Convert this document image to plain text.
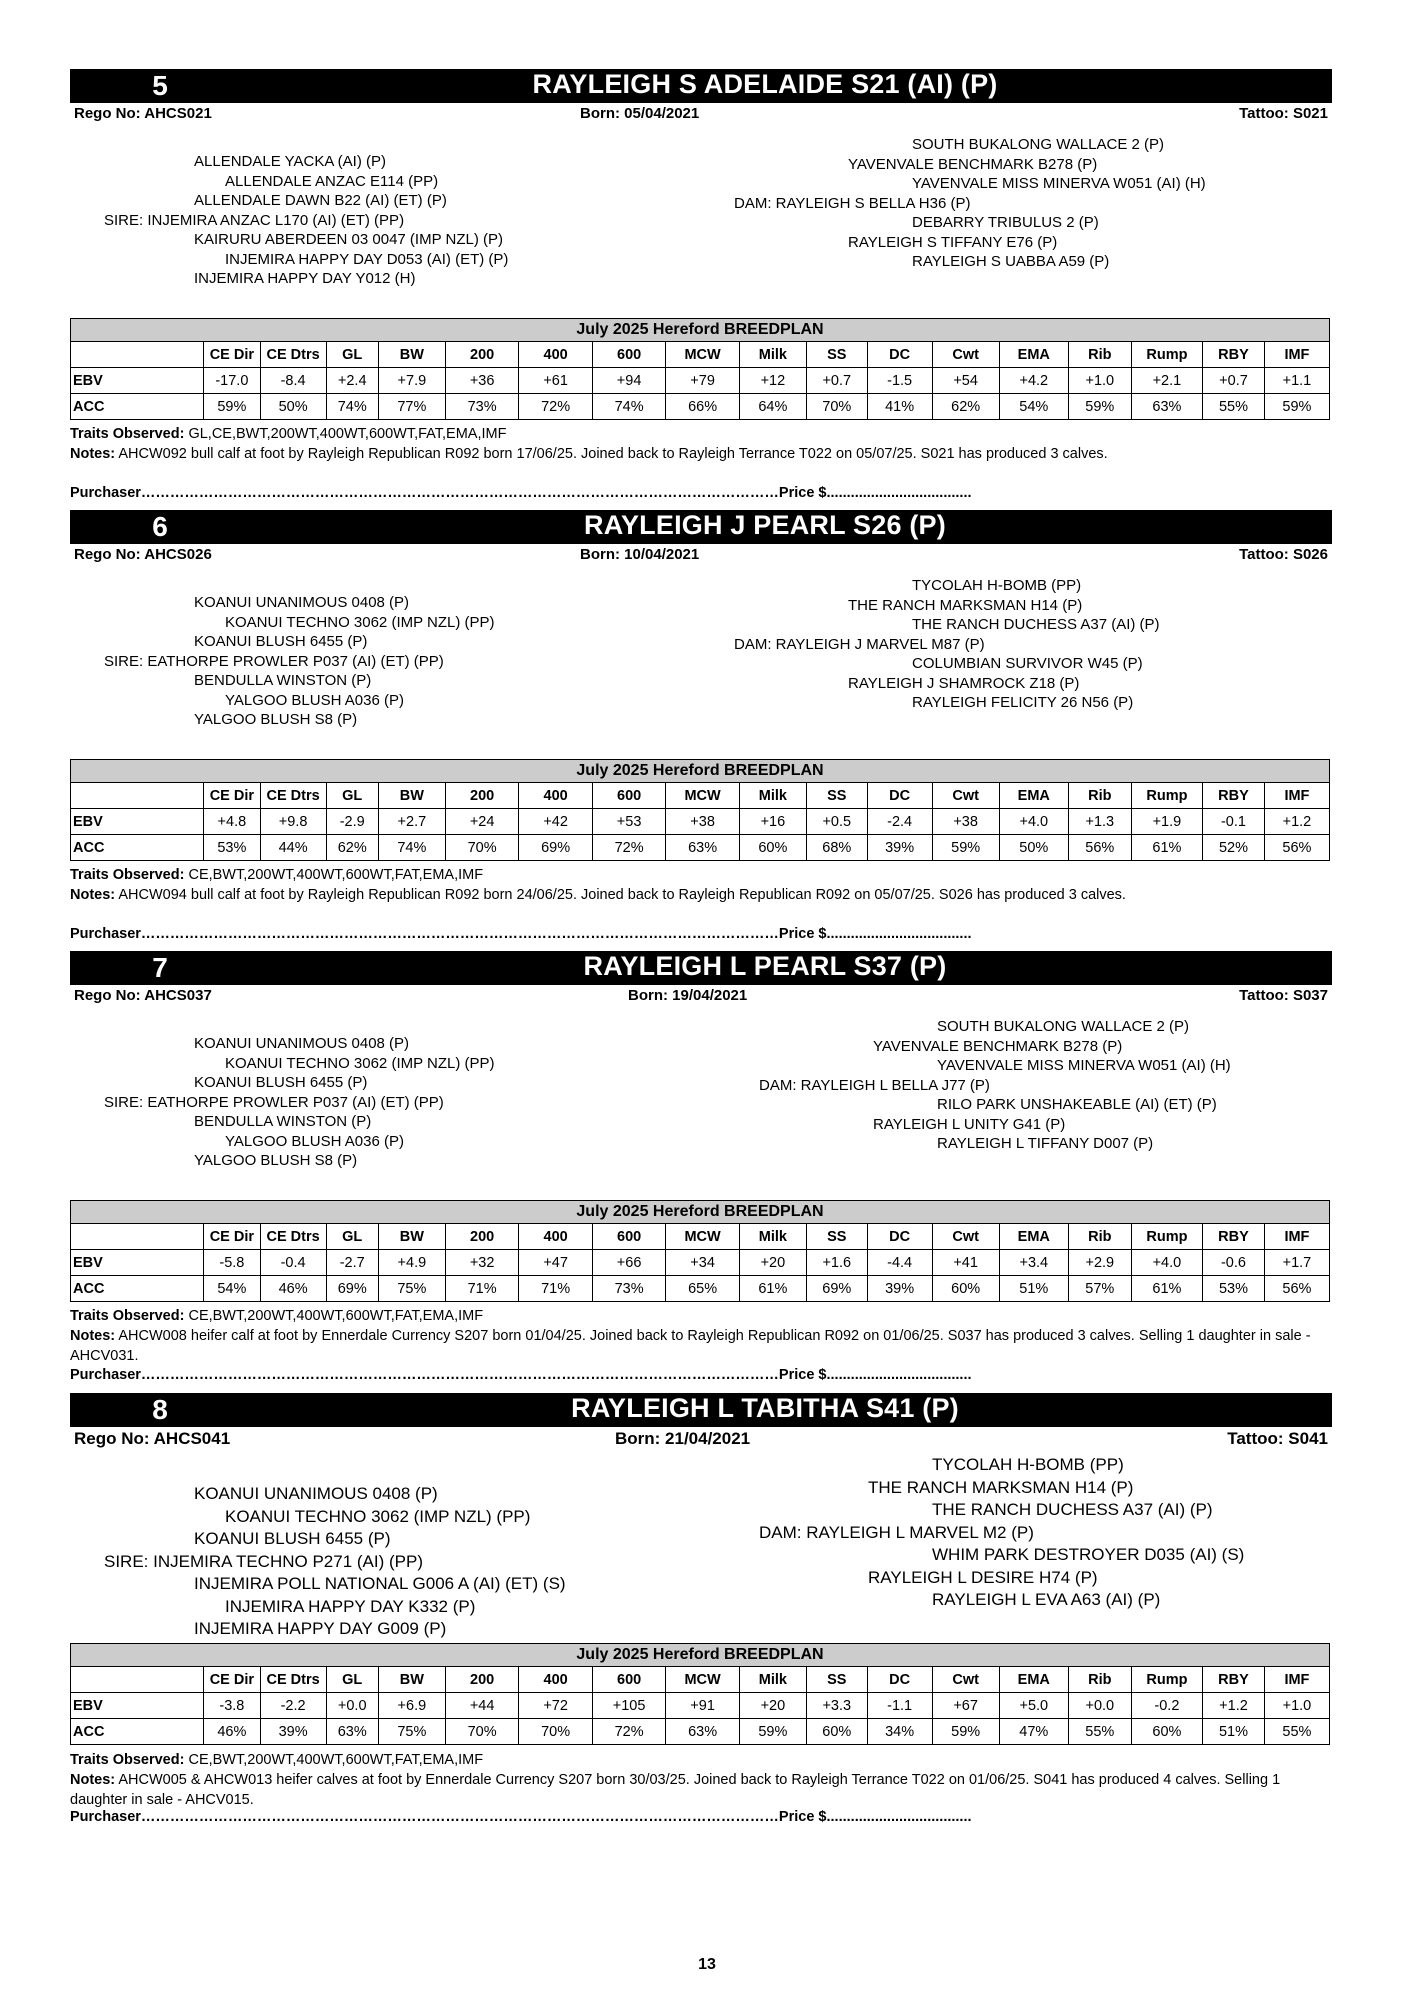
5	RAYLEIGH S ADELAIDE S21 (AI) (P)
Rego No: AHCS021	Born: 05/04/2021	Tattoo: S021
ALLENDALE YACKA (AI) (P)
ALLENDALE ANZAC E114 (PP)
ALLENDALE DAWN B22 (AI) (ET) (P)
SIRE: INJEMIRA ANZAC L170 (AI) (ET) (PP)
KAIRURU ABERDEEN 03 0047 (IMP NZL) (P)
INJEMIRA HAPPY DAY D053 (AI) (ET) (P)
INJEMIRA HAPPY DAY Y012 (H)
SOUTH BUKALONG WALLACE 2 (P)
YAVENVALE BENCHMARK B278 (P)
YAVENVALE MISS MINERVA W051 (AI) (H)
DAM: RAYLEIGH S BELLA H36 (P)
DEBARRY TRIBULUS 2 (P)
RAYLEIGH S TIFFANY E76 (P)
RAYLEIGH S UABBA A59 (P)
July 2025 Hereford BREEDPLAN																	
	CE Dir	CE Dtrs	GL	BW	200	400	600	MCW	Milk	SS	DC	Cwt	EMA	Rib	Rump	RBY	IMF
EBV	-17.0	-8.4	+2.4	+7.9	+36	+61	+94	+79	+12	+0.7	-1.5	+54	+4.2	+1.0	+2.1	+0.7	+1.1
ACC	59%	50%	74%	77%	73%	72%	74%	66%	64%	70%	41%	62%	54%	59%	63%	55%	59%
Traits Observed: GL,CE,BWT,200WT,400WT,600WT,FAT,EMA,IMF
Notes: AHCW092 bull calf at foot by Rayleigh Republican R092 born 17/06/25. Joined back to Rayleigh Terrance T022 on 05/07/25. S021 has produced 3 calves.
Purchaser……………………………………………………………………………………………………………………Price $....................................
6	RAYLEIGH J PEARL S26 (P)
Rego No: AHCS026	Born: 10/04/2021	Tattoo: S026
KOANUI UNANIMOUS 0408 (P)
KOANUI TECHNO 3062 (IMP NZL) (PP)
KOANUI BLUSH 6455 (P)
SIRE: EATHORPE PROWLER P037 (AI) (ET) (PP)
BENDULLA WINSTON (P)
YALGOO BLUSH A036 (P)
YALGOO BLUSH S8 (P)
TYCOLAH H-BOMB (PP)
THE RANCH MARKSMAN H14 (P)
THE RANCH DUCHESS A37 (AI) (P)
DAM: RAYLEIGH J MARVEL M87 (P)
COLUMBIAN SURVIVOR W45 (P)
RAYLEIGH J SHAMROCK Z18 (P)
RAYLEIGH FELICITY 26 N56 (P)
July 2025 Hereford BREEDPLAN																	
	CE Dir	CE Dtrs	GL	BW	200	400	600	MCW	Milk	SS	DC	Cwt	EMA	Rib	Rump	RBY	IMF
EBV	+4.8	+9.8	-2.9	+2.7	+24	+42	+53	+38	+16	+0.5	-2.4	+38	+4.0	+1.3	+1.9	-0.1	+1.2
ACC	53%	44%	62%	74%	70%	69%	72%	63%	60%	68%	39%	59%	50%	56%	61%	52%	56%
Traits Observed: CE,BWT,200WT,400WT,600WT,FAT,EMA,IMF
Notes: AHCW094 bull calf at foot by Rayleigh Republican R092 born 24/06/25. Joined back to Rayleigh Republican R092 on 05/07/25. S026 has produced 3 calves.
Purchaser……………………………………………………………………………………………………………………Price $....................................
7	RAYLEIGH L PEARL S37 (P)
Rego No: AHCS037	Born: 19/04/2021	Tattoo: S037
KOANUI UNANIMOUS 0408 (P)
KOANUI TECHNO 3062 (IMP NZL) (PP)
KOANUI BLUSH 6455 (P)
SIRE: EATHORPE PROWLER P037 (AI) (ET) (PP)
BENDULLA WINSTON (P)
YALGOO BLUSH A036 (P)
YALGOO BLUSH S8 (P)
SOUTH BUKALONG WALLACE 2 (P)
YAVENVALE BENCHMARK B278 (P)
YAVENVALE MISS MINERVA W051 (AI) (H)
DAM: RAYLEIGH L BELLA J77 (P)
RILO PARK UNSHAKEABLE (AI) (ET) (P)
RAYLEIGH L UNITY G41 (P)
RAYLEIGH L TIFFANY D007 (P)
July 2025 Hereford BREEDPLAN																	
	CE Dir	CE Dtrs	GL	BW	200	400	600	MCW	Milk	SS	DC	Cwt	EMA	Rib	Rump	RBY	IMF
EBV	-5.8	-0.4	-2.7	+4.9	+32	+47	+66	+34	+20	+1.6	-4.4	+41	+3.4	+2.9	+4.0	-0.6	+1.7
ACC	54%	46%	69%	75%	71%	71%	73%	65%	61%	69%	39%	60%	51%	57%	61%	53%	56%
Traits Observed: CE,BWT,200WT,400WT,600WT,FAT,EMA,IMF
Notes: AHCW008 heifer calf at foot by Ennerdale Currency S207 born 01/04/25. Joined back to Rayleigh Republican R092 on 01/06/25. S037 has produced 3 calves. Selling 1 daughter in sale - AHCV031.
Purchaser……………………………………………………………………………………………………………………Price $....................................
8	RAYLEIGH L TABITHA S41 (P)
Rego No: AHCS041	Born: 21/04/2021	Tattoo: S041
KOANUI UNANIMOUS 0408 (P)
KOANUI TECHNO 3062 (IMP NZL) (PP)
KOANUI BLUSH 6455 (P)
SIRE: INJEMIRA TECHNO P271 (AI) (PP)
INJEMIRA POLL NATIONAL G006 A (AI) (ET) (S)
INJEMIRA HAPPY DAY K332 (P)
INJEMIRA HAPPY DAY G009 (P)
TYCOLAH H-BOMB (PP)
THE RANCH MARKSMAN H14 (P)
THE RANCH DUCHESS A37 (AI) (P)
DAM: RAYLEIGH L MARVEL M2 (P)
WHIM PARK DESTROYER D035 (AI) (S)
RAYLEIGH L DESIRE H74 (P)
RAYLEIGH L EVA A63 (AI) (P)
July 2025 Hereford BREEDPLAN																	
	CE Dir	CE Dtrs	GL	BW	200	400	600	MCW	Milk	SS	DC	Cwt	EMA	Rib	Rump	RBY	IMF
EBV	-3.8	-2.2	+0.0	+6.9	+44	+72	+105	+91	+20	+3.3	-1.1	+67	+5.0	+0.0	-0.2	+1.2	+1.0
ACC	46%	39%	63%	75%	70%	70%	72%	63%	59%	60%	34%	59%	47%	55%	60%	51%	55%
Traits Observed: CE,BWT,200WT,400WT,600WT,FAT,EMA,IMF
Notes: AHCW005 & AHCW013 heifer calves at foot by Ennerdale Currency S207 born 30/03/25. Joined back to Rayleigh Terrance T022 on 01/06/25. S041 has produced 4 calves. Selling 1 daughter in sale - AHCV015.
Purchaser……………………………………………………………………………………………………………………Price $....................................
13
